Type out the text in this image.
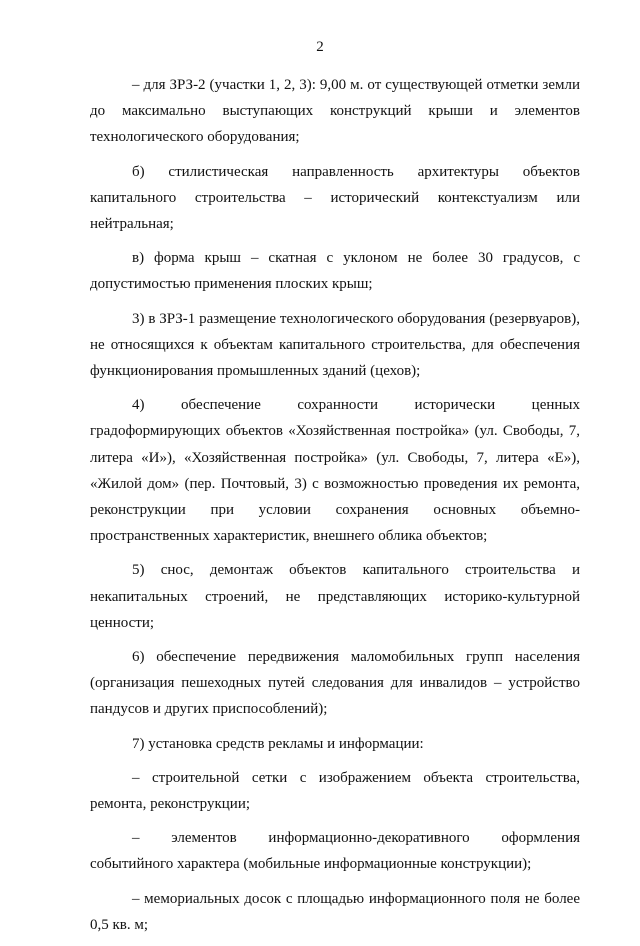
2

– для ЗРЗ-2 (участки 1, 2, 3): 9,00 м. от существующей отметки земли до максимально выступающих конструкций крыши и элементов технологического оборудования;

б) стилистическая направленность архитектуры объектов капитального строительства – исторический контекстуализм или нейтральная;

в) форма крыш – скатная с уклоном не более 30 градусов, с допустимостью применения плоских крыш;

3) в ЗРЗ-1 размещение технологического оборудования (резервуаров), не относящихся к объектам капитального строительства, для обеспечения функционирования промышленных зданий (цехов);

4) обеспечение сохранности исторически ценных градоформирующих объектов «Хозяйственная постройка» (ул. Свободы, 7, литера «И»), «Хозяйственная постройка» (ул. Свободы, 7, литера «Е»), «Жилой дом» (пер. Почтовый, 3) с возможностью проведения их ремонта, реконструкции при условии сохранения основных объемно-пространственных характеристик, внешнего облика объектов;

5) снос, демонтаж объектов капитального строительства и некапитальных строений, не представляющих историко-культурной ценности;

6) обеспечение передвижения маломобильных групп населения (организация пешеходных путей следования для инвалидов – устройство пандусов и других приспособлений);

7) установка средств рекламы и информации:

– строительной сетки с изображением объекта строительства, ремонта, реконструкции;

– элементов информационно-декоративного оформления событийного характера (мобильные информационные конструкции);

– мемориальных досок с площадью информационного поля не более 0,5 кв. м;
